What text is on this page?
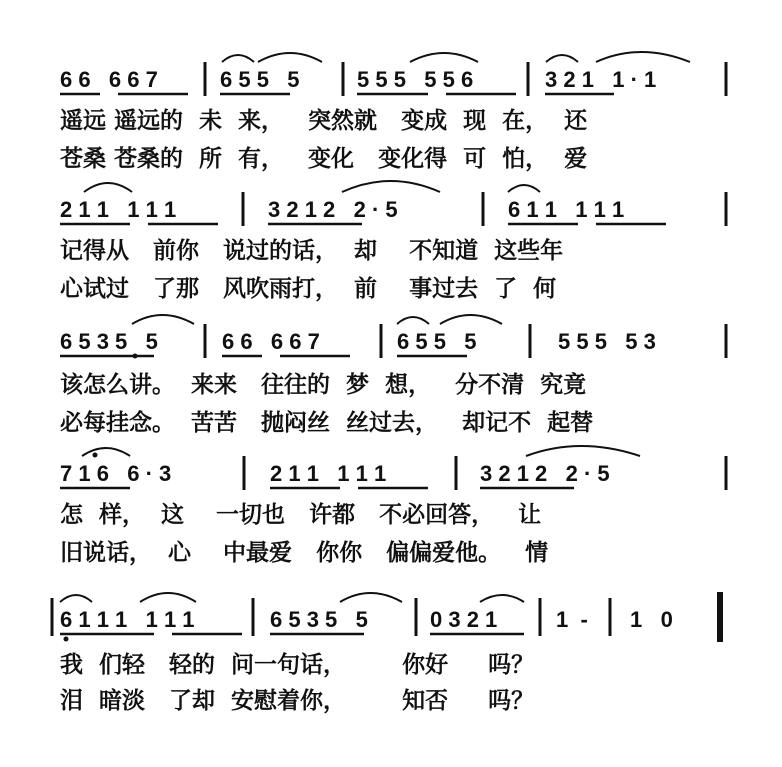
6 6   6 6 7	6 5 5   5	5 5 5   5 5 6	3 2 1   1 · 1
遥远 遥远的  未  来，   突然就   变成  现  在，  还
苍桑 苍桑的  所  有，   变化   变化得  可  怕，  爱
2 1 1   1 1 1	3 2 1 2   2 · 5	6 1 1   1 1 1
记得从   前你   说过的话，  却    不知道  这些年
心试过   了那   风吹雨打，  前    事过去  了  何
6 5 3 5   5	6 6   6 6 7	6 5 5   5	5 5 5   5 3
该怎么讲。  来来   往往的  梦  想，   分不清  究竟
必每挂念。  苦苦   抛闷丝  丝过去，   却记不  起替
7 1 6   6 · 3	2 1 1   1 1 1	3 2 1 2   2 · 5
怎  样，  这    一切也   许都   不必回答，   让
旧说话，  心    中最爱   你你   偏偏爱他。   情
6 1 1 1   1 1 1	6 5 3 5   5	0 3 2 1	1  - 1   0
我  们轻   轻的  问一句话，       你好     吗？
泪  暗淡   了却  安慰着你，       知否     吗？
